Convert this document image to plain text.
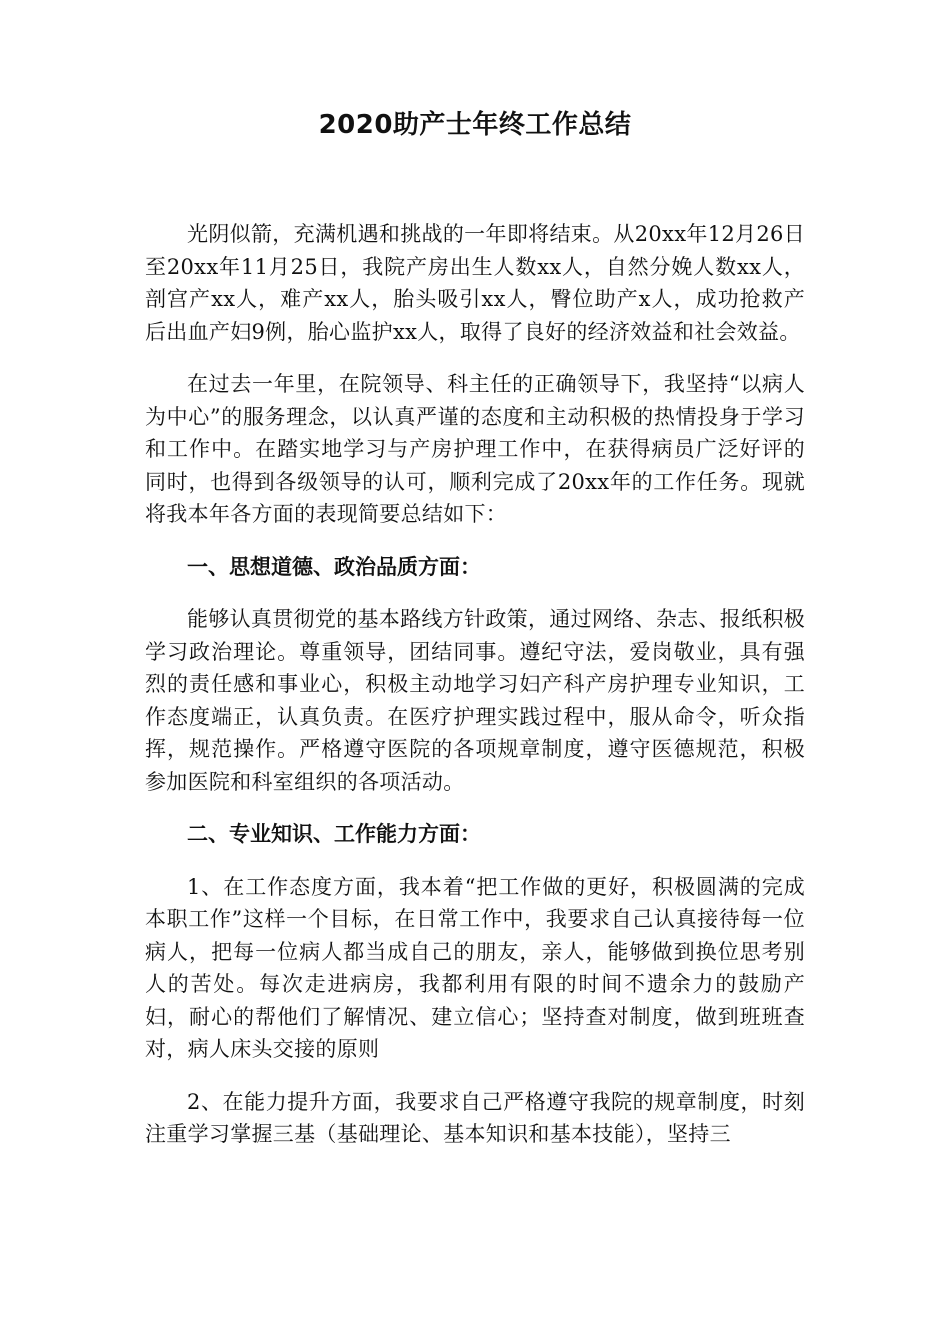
2020助产士年终工作总结

光阴似箭，充满机遇和挑战的一年即将结束。从20xx年12月26日至20xx年11月25日，我院产房出生人数xx人，自然分娩人数xx人，剖宫产xx人，难产xx人，胎头吸引xx人，臀位助产x人，成功抢救产后出血产妇9例，胎心监护xx人，取得了良好的经济效益和社会效益。

在过去一年里，在院领导、科主任的正确领导下，我坚持“以病人为中心”的服务理念，以认真严谨的态度和主动积极的热情投身于学习和工作中。在踏实地学习与产房护理工作中，在获得病员广泛好评的同时，也得到各级领导的认可，顺利完成了20xx年的工作任务。现就将我本年各方面的表现简要总结如下：

一、思想道德、政治品质方面：

能够认真贯彻党的基本路线方针政策，通过网络、杂志、报纸积极学习政治理论。尊重领导，团结同事。遵纪守法，爱岗敬业，具有强烈的责任感和事业心，积极主动地学习妇产科产房护理专业知识，工作态度端正，认真负责。在医疗护理实践过程中，服从命令，听众指挥，规范操作。严格遵守医院的各项规章制度，遵守医德规范，积极参加医院和科室组织的各项活动。

二、专业知识、工作能力方面：

1、在工作态度方面，我本着“把工作做的更好，积极圆满的完成本职工作”这样一个目标，在日常工作中，我要求自己认真接待每一位病人，把每一位病人都当成自己的朋友，亲人，能够做到换位思考别人的苦处。每次走进病房，我都利用有限的时间不遗余力的鼓励产妇，耐心的帮他们了解情况、建立信心；坚持查对制度，做到班班查对，病人床头交接的原则

2、在能力提升方面，我要求自己严格遵守我院的规章制度，时刻注重学习掌握三基（基础理论、基本知识和基本技能），坚持三
